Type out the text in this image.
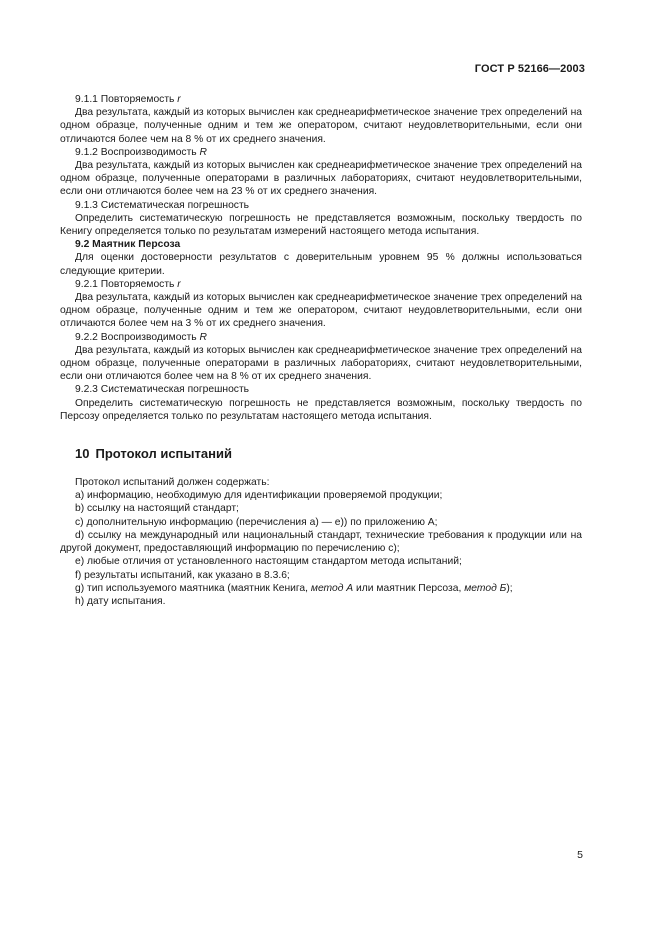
ГОСТ Р 52166—2003

9.1.1 Повторяемость r

Два результата, каждый из которых вычислен как среднеарифметическое значение трех определений на одном образце, полученные одним и тем же оператором, считают неудовлетворительными, если они отличаются более чем на 8 % от их среднего значения.

9.1.2 Воспроизводимость R

Два результата, каждый из которых вычислен как среднеарифметическое значение трех определений на одном образце, полученные операторами в различных лабораториях, считают неудовлетворительными, если они отличаются более чем на 23 % от их среднего значения.

9.1.3 Систематическая погрешность

Определить систематическую погрешность не представляется возможным, поскольку твердость по Кенигу определяется только по результатам измерений настоящего метода испытания.

9.2 Маятник Персоза

Для оценки достоверности результатов с доверительным уровнем 95 % должны использоваться следующие критерии.

9.2.1 Повторяемость r

Два результата, каждый из которых вычислен как среднеарифметическое значение трех определений на одном образце, полученные одним и тем же оператором, считают неудовлетворительными, если они отличаются более чем на 3 % от их среднего значения.

9.2.2 Воспроизводимость R

Два результата, каждый из которых вычислен как среднеарифметическое значение трех определений на одном образце, полученные операторами в различных лабораториях, считают неудовлетворительными, если они отличаются более чем на 8 % от их среднего значения.

9.2.3 Систематическая погрешность

Определить систематическую погрешность не представляется возможным, поскольку твердость по Персозу определяется только по результатам настоящего метода испытания.

10 Протокол испытаний

Протокол испытаний должен содержать:

a) информацию, необходимую для идентификации проверяемой продукции;

b) ссылку на настоящий стандарт;

c) дополнительную информацию (перечисления a) — e)) по приложению А;

d) ссылку на международный или национальный стандарт, технические требования к продукции или на другой документ, предоставляющий информацию по перечислению c);

e) любые отличия от установленного настоящим стандартом метода испытаний;

f) результаты испытаний, как указано в 8.3.6;

g) тип используемого маятника (маятник Кенига, метод А или маятник Персоза, метод Б);

h) дату испытания.

5
